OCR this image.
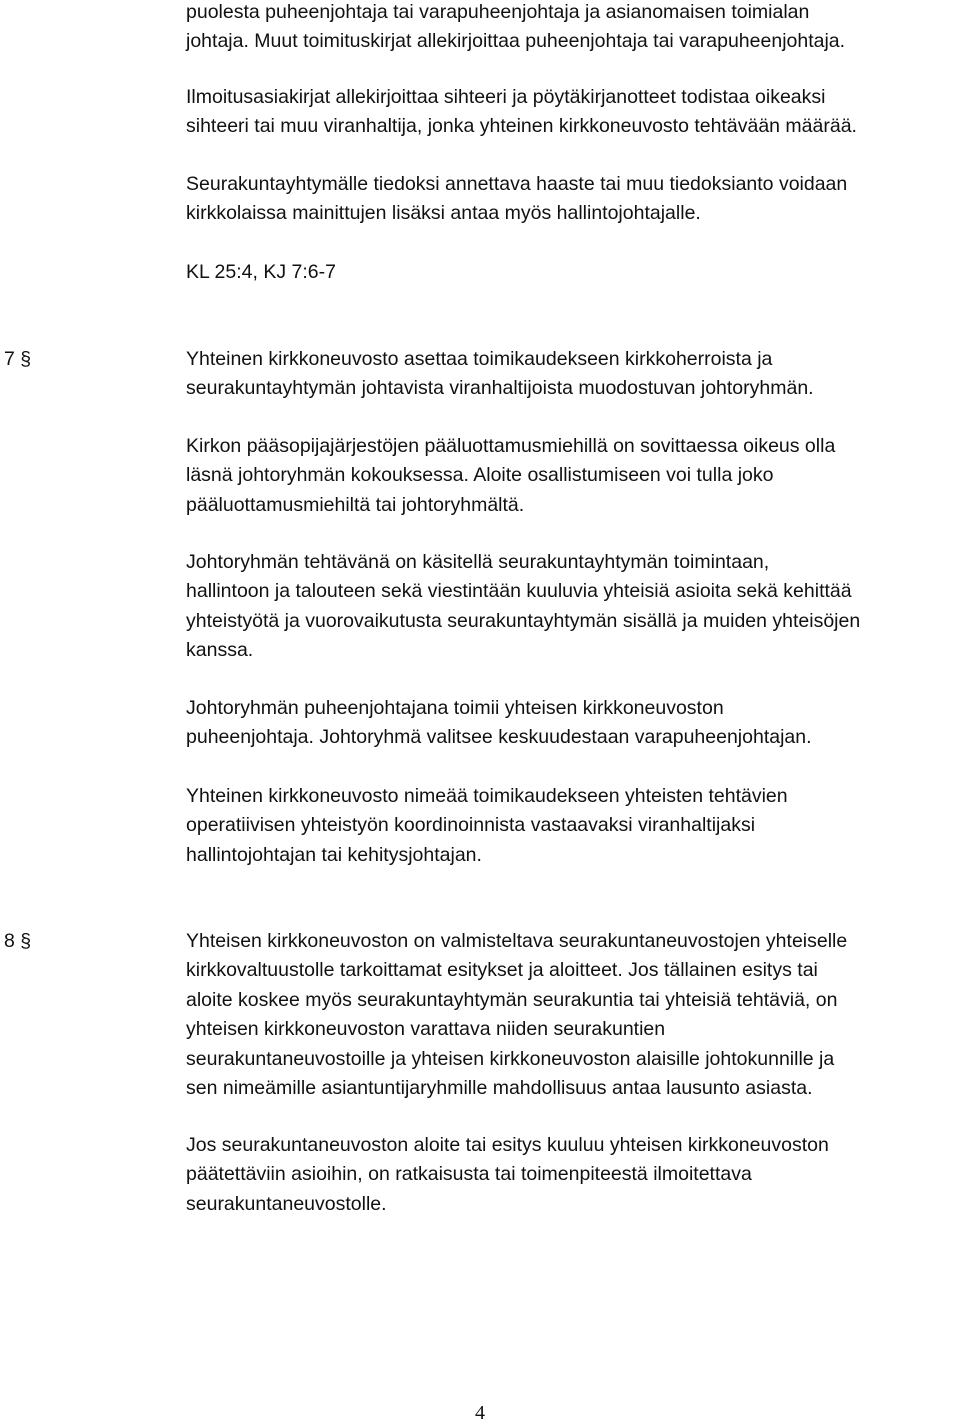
puolesta puheenjohtaja tai varapuheenjohtaja ja asianomaisen toimialan
johtaja. Muut toimituskirjat allekirjoittaa puheenjohtaja tai varapuheenjohtaja.

Ilmoitusasiakirjat allekirjoittaa sihteeri ja pöytäkirjanotteet todistaa oikeaksi
sihteeri tai muu viranhaltija, jonka yhteinen kirkkoneuvosto tehtävään määrää.

Seurakuntayhtymälle tiedoksi annettava haaste tai muu tiedoksianto voidaan
kirkkolaissa mainittujen lisäksi antaa myös hallintojohtajalle.

KL 25:4, KJ 7:6-7

7 §	Yhteinen kirkkoneuvosto asettaa toimikaudekseen kirkkoherroista ja
seurakuntayhtymän johtavista viranhaltijoista muodostuvan johtoryhmän.

Kirkon pääsopijajärjestöjen pääluottamusmiehillä on sovittaessa oikeus olla
läsnä johtoryhmän kokouksessa. Aloite osallistumiseen voi tulla joko
pääluottamusmiehiltä tai johtoryhmältä.

Johtoryhmän tehtävänä on käsitellä seurakuntayhtymän toimintaan,
hallintoon ja talouteen sekä viestintään kuuluvia yhteisiä asioita sekä kehittää
yhteistyötä ja vuorovaikutusta seurakuntayhtymän sisällä ja muiden yhteisöjen
kanssa.

Johtoryhmän puheenjohtajana toimii yhteisen kirkkoneuvoston
puheenjohtaja. Johtoryhmä valitsee keskuudestaan varapuheenjohtajan.

Yhteinen kirkkoneuvosto nimeää toimikaudekseen yhteisten tehtävien
operatiivisen yhteistyön koordinoinnista vastaavaksi viranhaltijaksi
hallintojohtajan tai kehitysjohtajan.

8 §	Yhteisen kirkkoneuvoston on valmisteltava seurakuntaneuvostojen yhteiselle
kirkkovaltuustolle tarkoittamat esitykset ja aloitteet. Jos tällainen esitys tai
aloite koskee myös seurakuntayhtymän seurakuntia tai yhteisiä tehtäviä, on
yhteisen kirkkoneuvoston varattava niiden seurakuntien
seurakuntaneuvostoille ja yhteisen kirkkoneuvoston alaisille johtokunnille ja
sen nimeämille asiantuntijaryhmille mahdollisuus antaa lausunto asiasta.

Jos seurakuntaneuvoston aloite tai esitys kuuluu yhteisen kirkkoneuvoston
päätettäviin asioihin, on ratkaisusta tai toimenpiteestä ilmoitettava
seurakuntaneuvostolle.

4
